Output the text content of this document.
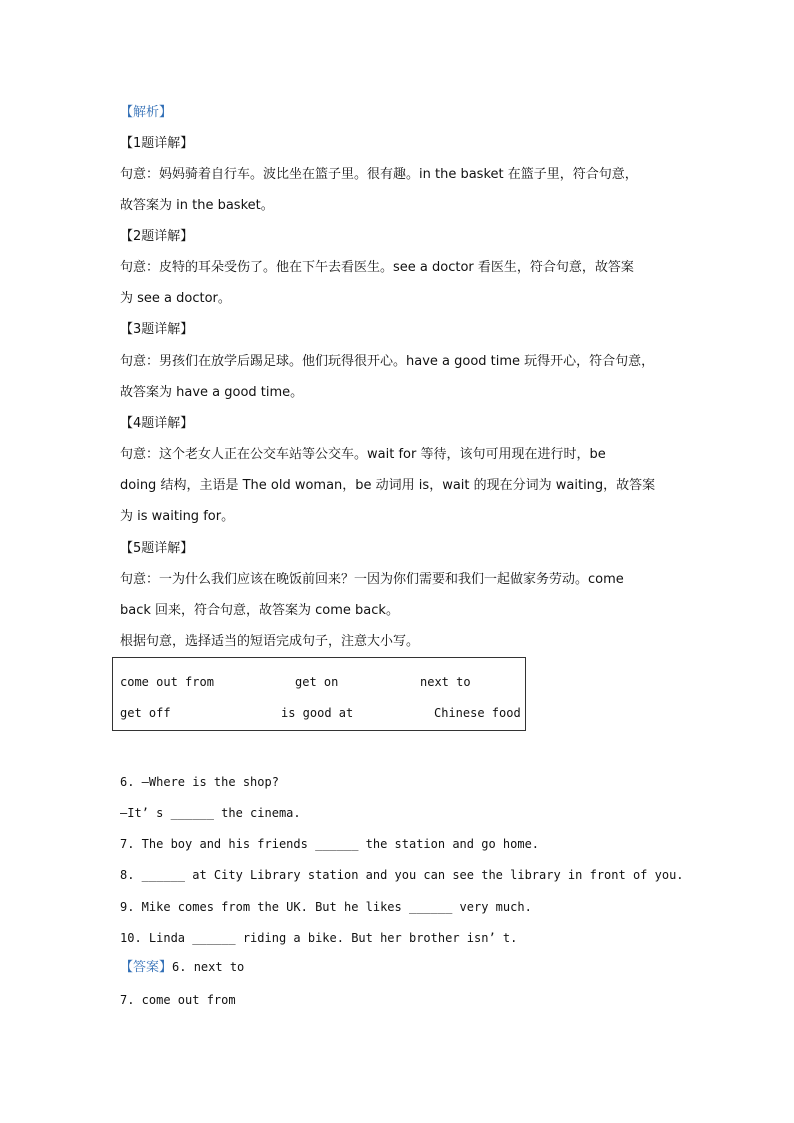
【解析】
【1题详解】
句意：妈妈骑着自行车。波比坐在篮子里。很有趣。in the basket 在篮子里，符合句意，
故答案为 in the basket。
【2题详解】
句意：皮特的耳朵受伤了。他在下午去看医生。see a doctor 看医生，符合句意，故答案
为 see a doctor。
【3题详解】
句意：男孩们在放学后踢足球。他们玩得很开心。have a good time 玩得开心，符合句意，
故答案为 have a good time。
【4题详解】
句意：这个老女人正在公交车站等公交车。wait for 等待，该句可用现在进行时，be
doing 结构，主语是 The old woman，be 动词用 is，wait 的现在分词为 waiting，故答案
为 is waiting for。
【5题详解】
句意：一为什么我们应该在晚饭前回来？一因为你们需要和我们一起做家务劳动。come
back 回来，符合句意，故答案为 come back。
根据句意，选择适当的短语完成句子，注意大小写。
come out from	get on	next to
get off	is good at	Chinese food
6. —Where is the shop?
—It’ s ______ the cinema.
7. The boy and his friends ______ the station and go home.
8. ______ at City Library station and you can see the library in front of you.
9. Mike comes from the UK. But he likes ______ very much.
10. Linda ______ riding a bike. But her brother isn’ t.
【答案】6. next to
7. come out from
